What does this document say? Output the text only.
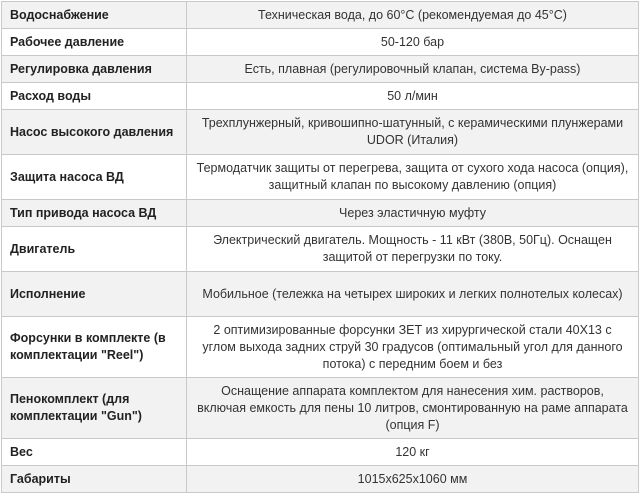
Водоснабжение	Техническая вода, до 60°С (рекомендуемая до 45°С)
Рабочее давление	50-120 бар
Регулировка давления	Есть, плавная (регулировочный клапан, система By-pass)
Расход воды	50 л/мин
Насос высокого давления	Трехплунжерный, кривошипно-шатунный, с керамическими плунжерами UDOR (Италия)
Защита насоса ВД	Термодатчик защиты от перегрева, защита от сухого хода насоса (опция), защитный клапан по высокому давлению (опция)
Тип привода насоса ВД	Через эластичную муфту
Двигатель	Электрический двигатель. Мощность - 11 кВт (380В, 50Гц). Оснащен защитой от перегрузки по току.
Исполнение	Мобильное (тележка на четырех широких и легких полнотелых колесах)
Форсунки в комплекте (в комплектации "Reel")	2 оптимизированные форсунки ЗЕТ из хирургической стали 40Х13 с углом выхода задних струй 30 градусов (оптимальный угол для данного потока) с передним боем и без
Пенокомплект (для комплектации "Gun")	Оснащение аппарата комплектом для нанесения хим. растворов, включая емкость для пены 10 литров, смонтированную на раме аппарата (опция F)
Вес	120 кг
Габариты	1015х625х1060 мм
